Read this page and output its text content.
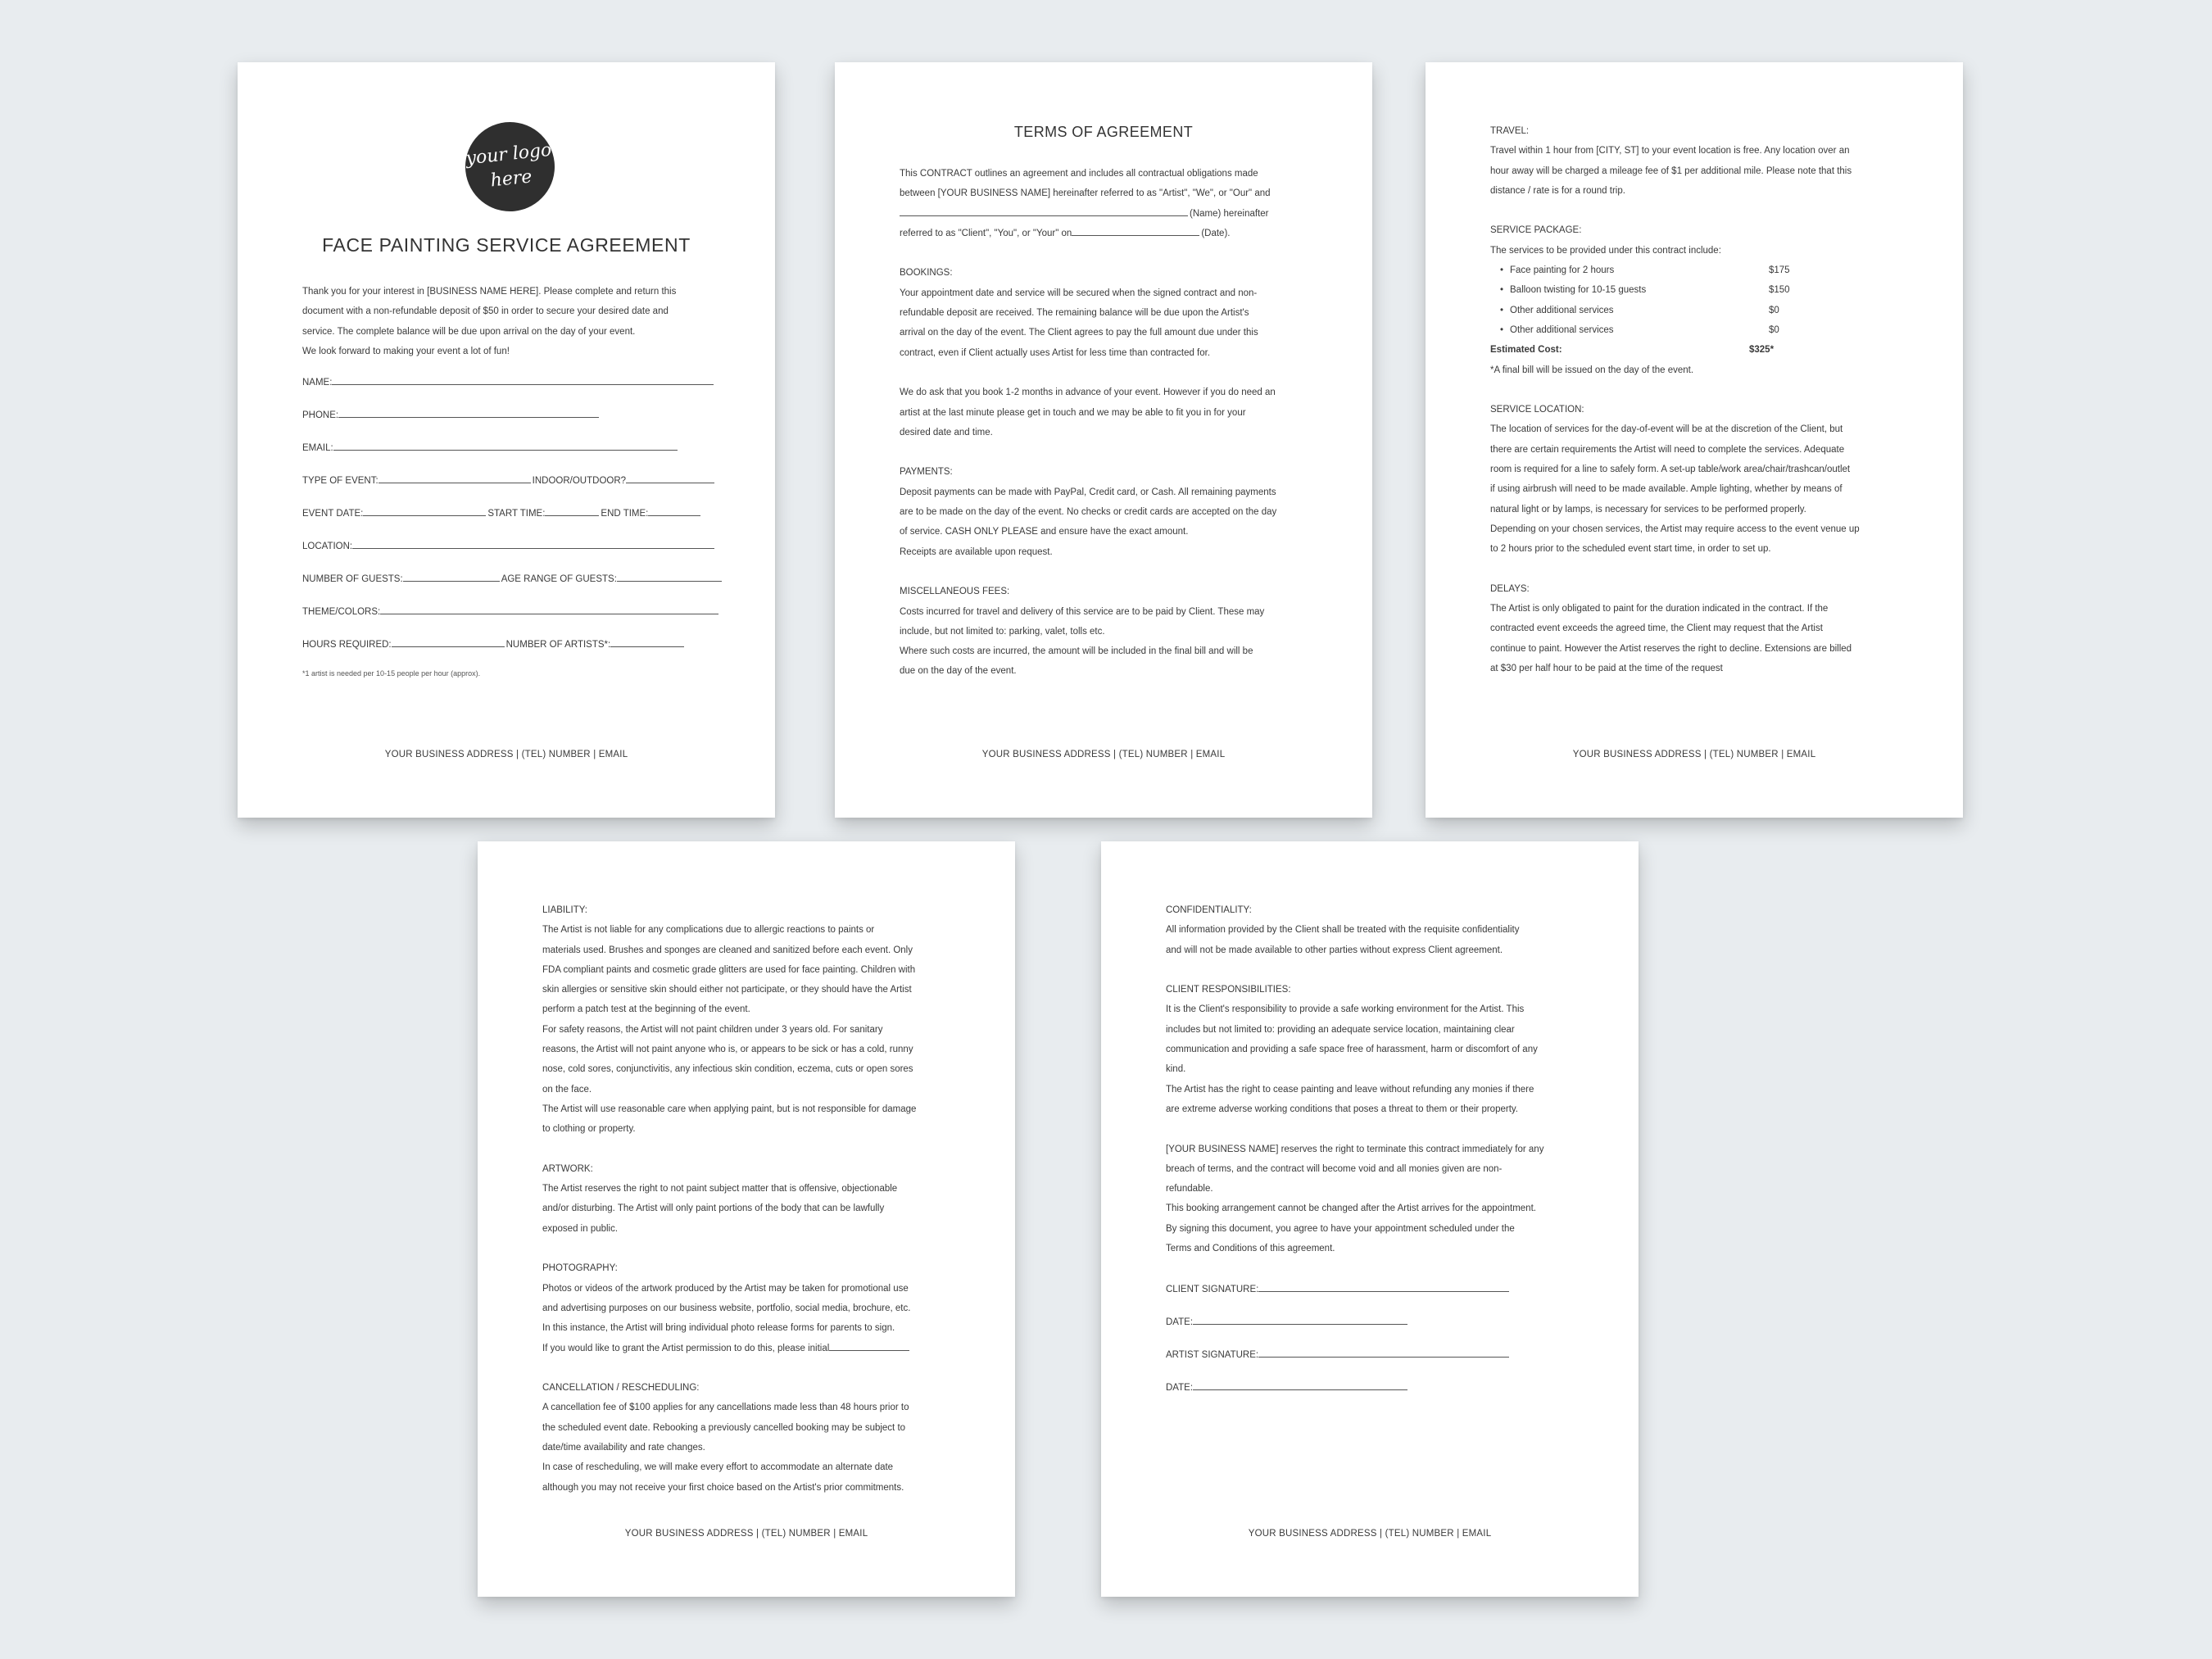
your logo
here
FACE PAINTING SERVICE AGREEMENT
Thank you for your interest in [BUSINESS NAME HERE]. Please complete and return this
document with a non-refundable deposit of $50 in order to secure your desired date and
service. The complete balance will be due upon arrival on the day of your event.
We look forward to making your event a lot of fun!
NAME:
PHONE:
EMAIL:
TYPE OF EVENT:	INDOOR/OUTDOOR?
EVENT DATE:	START TIME:	END TIME:
LOCATION:
NUMBER OF GUESTS:	AGE RANGE OF GUESTS:
THEME/COLORS:
HOURS REQUIRED:	NUMBER OF ARTISTS*:
*1 artist is needed per 10-15 people per hour (approx).
YOUR BUSINESS ADDRESS | (TEL) NUMBER | EMAIL
TERMS OF AGREEMENT
This CONTRACT outlines an agreement and includes all contractual obligations made
between [YOUR BUSINESS NAME] hereinafter referred to as "Artist", "We", or "Our" and
(Name) hereinafter
referred to as "Client", "You", or "Your" on	(Date).
BOOKINGS:
Your appointment date and service will be secured when the signed contract and non-
refundable deposit are received. The remaining balance will be due upon the Artist's
arrival on the day of the event. The Client agrees to pay the full amount due under this
contract, even if Client actually uses Artist for less time than contracted for.
We do ask that you book 1-2 months in advance of your event. However if you do need an
artist at the last minute please get in touch and we may be able to fit you in for your
desired date and time.
PAYMENTS:
Deposit payments can be made with PayPal, Credit card, or Cash. All remaining payments
are to be made on the day of the event. No checks or credit cards are accepted on the day
of service. CASH ONLY PLEASE and ensure have the exact amount.
Receipts are available upon request.
MISCELLANEOUS FEES:
Costs incurred for travel and delivery of this service are to be paid by Client. These may
include, but not limited to: parking, valet, tolls etc.
Where such costs are incurred, the amount will be included in the final bill and will be
due on the day of the event.
YOUR BUSINESS ADDRESS | (TEL) NUMBER | EMAIL
TRAVEL:
Travel within 1 hour from [CITY, ST] to your event location is free. Any location over an
hour away will be charged a mileage fee of $1 per additional mile. Please note that this
distance / rate is for a round trip.
SERVICE PACKAGE:
The services to be provided under this contract include:
• Face painting for 2 hours	$175
• Balloon twisting for 10-15 guests	$150
• Other additional services	$0
• Other additional services	$0
Estimated Cost:	$325*
*A final bill will be issued on the day of the event.
SERVICE LOCATION:
The location of services for the day-of-event will be at the discretion of the Client, but
there are certain requirements the Artist will need to complete the services. Adequate
room is required for a line to safely form. A set-up table/work area/chair/trashcan/outlet
if using airbrush will need to be made available. Ample lighting, whether by means of
natural light or by lamps, is necessary for services to be performed properly.
Depending on your chosen services, the Artist may require access to the event venue up
to 2 hours prior to the scheduled event start time, in order to set up.
DELAYS:
The Artist is only obligated to paint for the duration indicated in the contract. If the
contracted event exceeds the agreed time, the Client may request that the Artist
continue to paint. However the Artist reserves the right to decline. Extensions are billed
at $30 per half hour to be paid at the time of the request
YOUR BUSINESS ADDRESS | (TEL) NUMBER | EMAIL
LIABILITY:
The Artist is not liable for any complications due to allergic reactions to paints or
materials used. Brushes and sponges are cleaned and sanitized before each event. Only
FDA compliant paints and cosmetic grade glitters are used for face painting. Children with
skin allergies or sensitive skin should either not participate, or they should have the Artist
perform a patch test at the beginning of the event.
For safety reasons, the Artist will not paint children under 3 years old. For sanitary
reasons, the Artist will not paint anyone who is, or appears to be sick or has a cold, runny
nose, cold sores, conjunctivitis, any infectious skin condition, eczema, cuts or open sores
on the face.
The Artist will use reasonable care when applying paint, but is not responsible for damage
to clothing or property.
ARTWORK:
The Artist reserves the right to not paint subject matter that is offensive, objectionable
and/or disturbing. The Artist will only paint portions of the body that can be lawfully
exposed in public.
PHOTOGRAPHY:
Photos or videos of the artwork produced by the Artist may be taken for promotional use
and advertising purposes on our business website, portfolio, social media, brochure, etc.
In this instance, the Artist will bring individual photo release forms for parents to sign.
If you would like to grant the Artist permission to do this, please initial
CANCELLATION / RESCHEDULING:
A cancellation fee of $100 applies for any cancellations made less than 48 hours prior to
the scheduled event date. Rebooking a previously cancelled booking may be subject to
date/time availability and rate changes.
In case of rescheduling, we will make every effort to accommodate an alternate date
although you may not receive your first choice based on the Artist's prior commitments.
YOUR BUSINESS ADDRESS | (TEL) NUMBER | EMAIL
CONFIDENTIALITY:
All information provided by the Client shall be treated with the requisite confidentiality
and will not be made available to other parties without express Client agreement.
CLIENT RESPONSIBILITIES:
It is the Client's responsibility to provide a safe working environment for the Artist. This
includes but not limited to: providing an adequate service location, maintaining clear
communication and providing a safe space free of harassment, harm or discomfort of any
kind.
The Artist has the right to cease painting and leave without refunding any monies if there
are extreme adverse working conditions that poses a threat to them or their property.
[YOUR BUSINESS NAME] reserves the right to terminate this contract immediately for any
breach of terms, and the contract will become void and all monies given are non-
refundable.
This booking arrangement cannot be changed after the Artist arrives for the appointment.
By signing this document, you agree to have your appointment scheduled under the
Terms and Conditions of this agreement.
CLIENT SIGNATURE:
DATE:
ARTIST SIGNATURE:
DATE:
YOUR BUSINESS ADDRESS | (TEL) NUMBER | EMAIL
